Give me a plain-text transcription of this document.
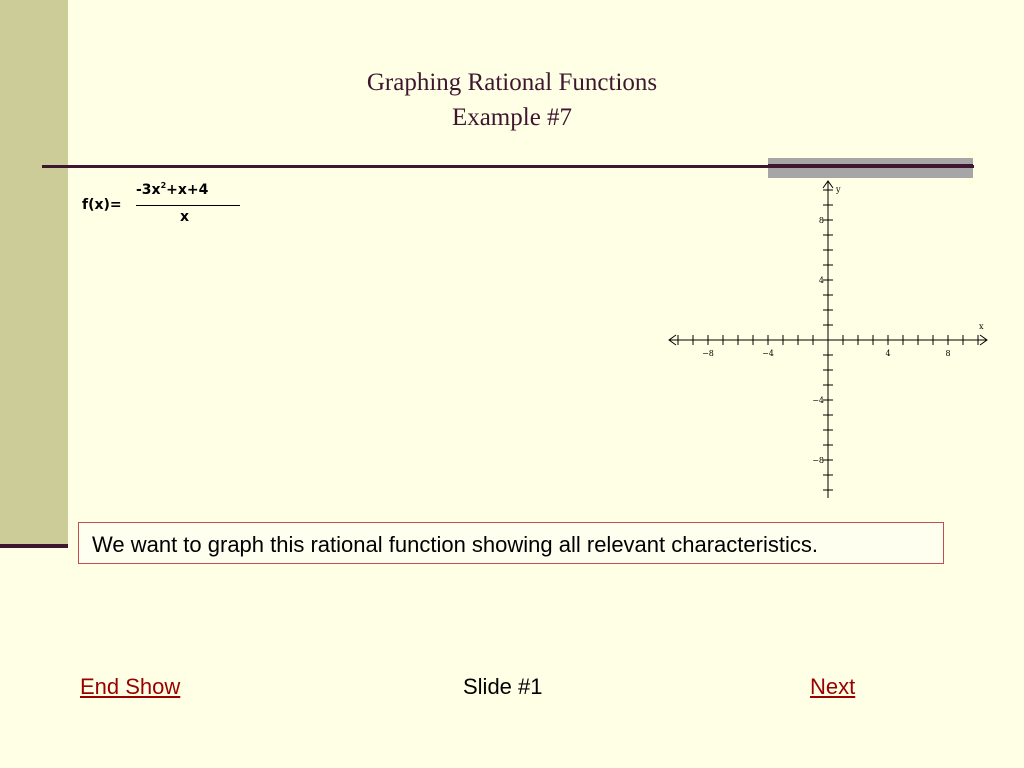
Graphing Rational Functions
Example #7
f(x)=
$-3x^2+x+4$
x
−8	−4	4	8
8
4
−4
−8
y
x
We want to graph this rational function showing all relevant characteristics.
End Show	Slide #1	Next
